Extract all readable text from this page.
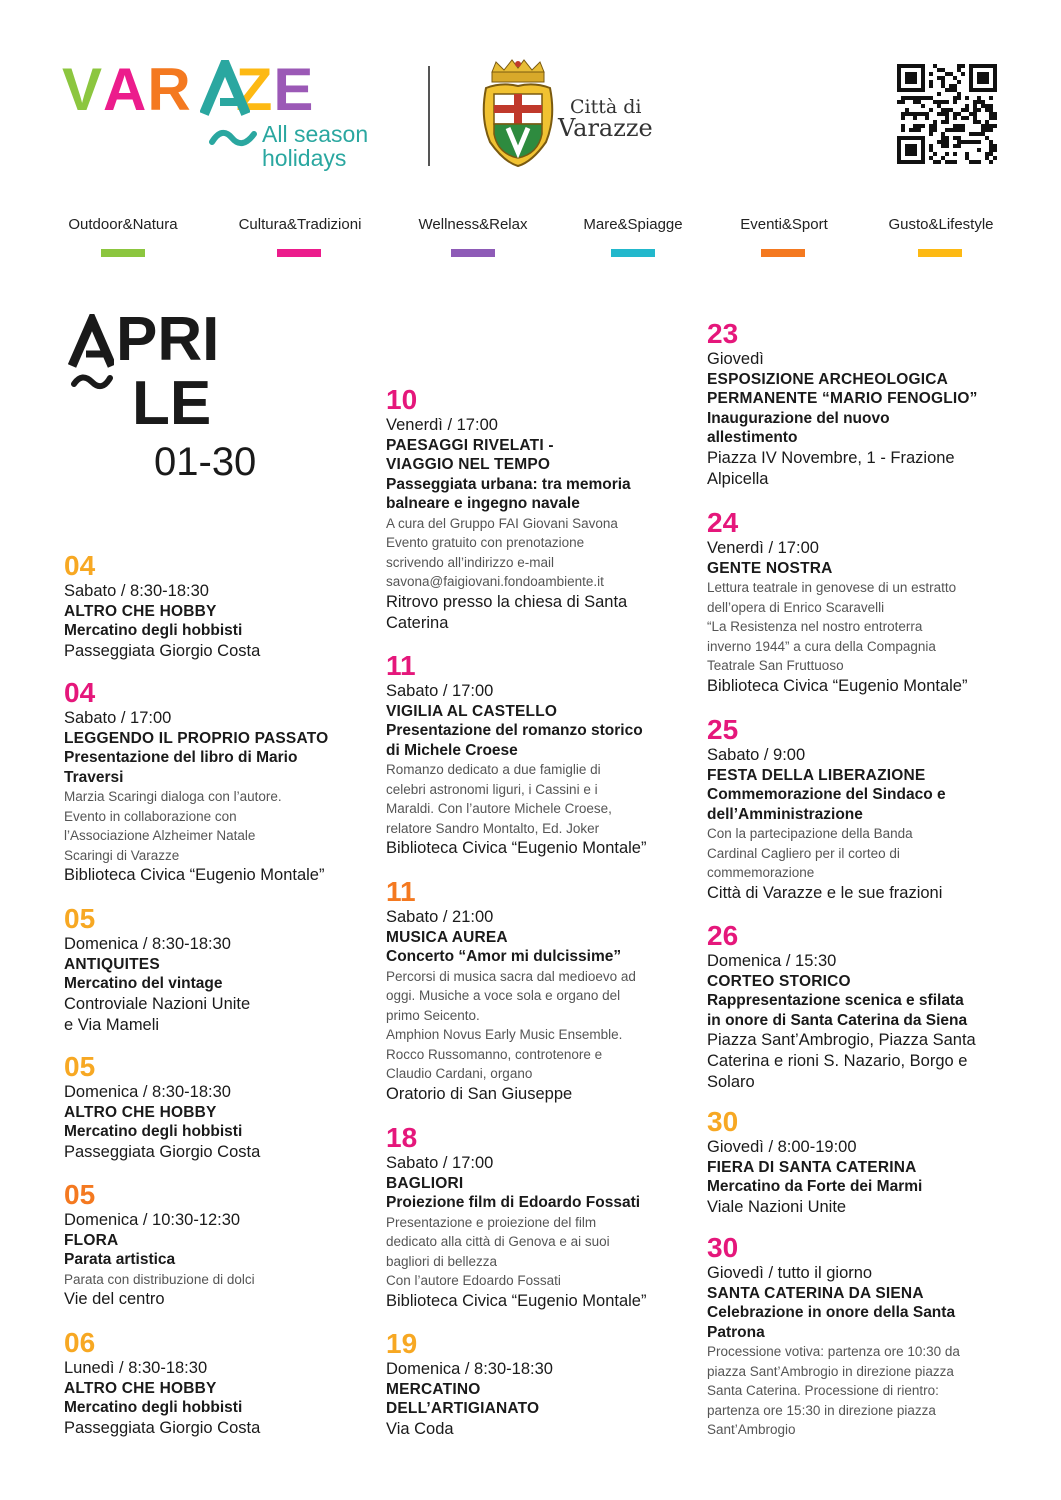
VAR ZE
All season
holidays
Città di
Varazze
Outdoor&Natura	Cultura&Tradizioni	Wellness&Relax	Mare&Spiagge	Eventi&Sport	Gusto&Lifestyle
PRI
LE
01-30
04
Sabato / 8:30-18:30
ALTRO CHE HOBBY
Mercatino degli hobbisti
Passeggiata Giorgio Costa
04
Sabato / 17:00
LEGGENDO IL PROPRIO PASSATO
Presentazione del libro di Mario
Traversi
Marzia Scaringi dialoga con l’autore.
Evento in collaborazione con
l’Associazione Alzheimer Natale
Scaringi di Varazze
Biblioteca Civica “Eugenio Montale”
05
Domenica / 8:30-18:30
ANTIQUITES
Mercatino del vintage
Controviale Nazioni Unite
e Via Mameli
05
Domenica / 8:30-18:30
ALTRO CHE HOBBY
Mercatino degli hobbisti
Passeggiata Giorgio Costa
05
Domenica / 10:30-12:30
FLORA
Parata artistica
Parata con distribuzione di dolci
Vie del centro
06
Lunedì / 8:30-18:30
ALTRO CHE HOBBY
Mercatino degli hobbisti
Passeggiata Giorgio Costa
10
Venerdì / 17:00
PAESAGGI RIVELATI -
VIAGGIO NEL TEMPO
Passeggiata urbana: tra memoria
balneare e ingegno navale
A cura del Gruppo FAI Giovani Savona
Evento gratuito con prenotazione
scrivendo all’indirizzo e-mail
savona@faigiovani.fondoambiente.it
Ritrovo presso la chiesa di Santa
Caterina
11
Sabato / 17:00
VIGILIA AL CASTELLO
Presentazione del romanzo storico
di Michele Croese
Romanzo dedicato a due famiglie di
celebri astronomi liguri, i Cassini e i
Maraldi. Con l’autore Michele Croese,
relatore Sandro Montalto, Ed. Joker
Biblioteca Civica “Eugenio Montale”
11
Sabato / 21:00
MUSICA AUREA
Concerto “Amor mi dulcissime”
Percorsi di musica sacra dal medioevo ad
oggi. Musiche a voce sola e organo del
primo Seicento.
Amphion Novus Early Music Ensemble.
Rocco Russomanno, controtenore e
Claudio Cardani, organo
Oratorio di San Giuseppe
18
Sabato / 17:00
BAGLIORI
Proiezione film di Edoardo Fossati
Presentazione e proiezione del film
dedicato alla città di Genova e ai suoi
bagliori di bellezza
Con l’autore Edoardo Fossati
Biblioteca Civica “Eugenio Montale”
19
Domenica / 8:30-18:30
MERCATINO
DELL’ARTIGIANATO
Via Coda
23
Giovedì
ESPOSIZIONE ARCHEOLOGICA
PERMANENTE “MARIO FENOGLIO”
Inaugurazione del nuovo
allestimento
Piazza IV Novembre, 1 - Frazione
Alpicella
24
Venerdì / 17:00
GENTE NOSTRA
Lettura teatrale in genovese di un estratto
dell’opera di Enrico Scaravelli
“La Resistenza nel nostro entroterra
inverno 1944” a cura della Compagnia
Teatrale San Fruttuoso
Biblioteca Civica “Eugenio Montale”
25
Sabato / 9:00
FESTA DELLA LIBERAZIONE
Commemorazione del Sindaco e
dell’Amministrazione
Con la partecipazione della Banda
Cardinal Cagliero per il corteo di
commemorazione
Città di Varazze e le sue frazioni
26
Domenica / 15:30
CORTEO STORICO
Rappresentazione scenica e sfilata
in onore di Santa Caterina da Siena
Piazza Sant’Ambrogio, Piazza Santa
Caterina e rioni S. Nazario, Borgo e
Solaro
30
Giovedì / 8:00-19:00
FIERA DI SANTA CATERINA
Mercatino da Forte dei Marmi
Viale Nazioni Unite
30
Giovedì / tutto il giorno
SANTA CATERINA DA SIENA
Celebrazione in onore della Santa
Patrona
Processione votiva: partenza ore 10:30 da
piazza Sant’Ambrogio in direzione piazza
Santa Caterina. Processione di rientro:
partenza ore 15:30 in direzione piazza
Sant’Ambrogio
